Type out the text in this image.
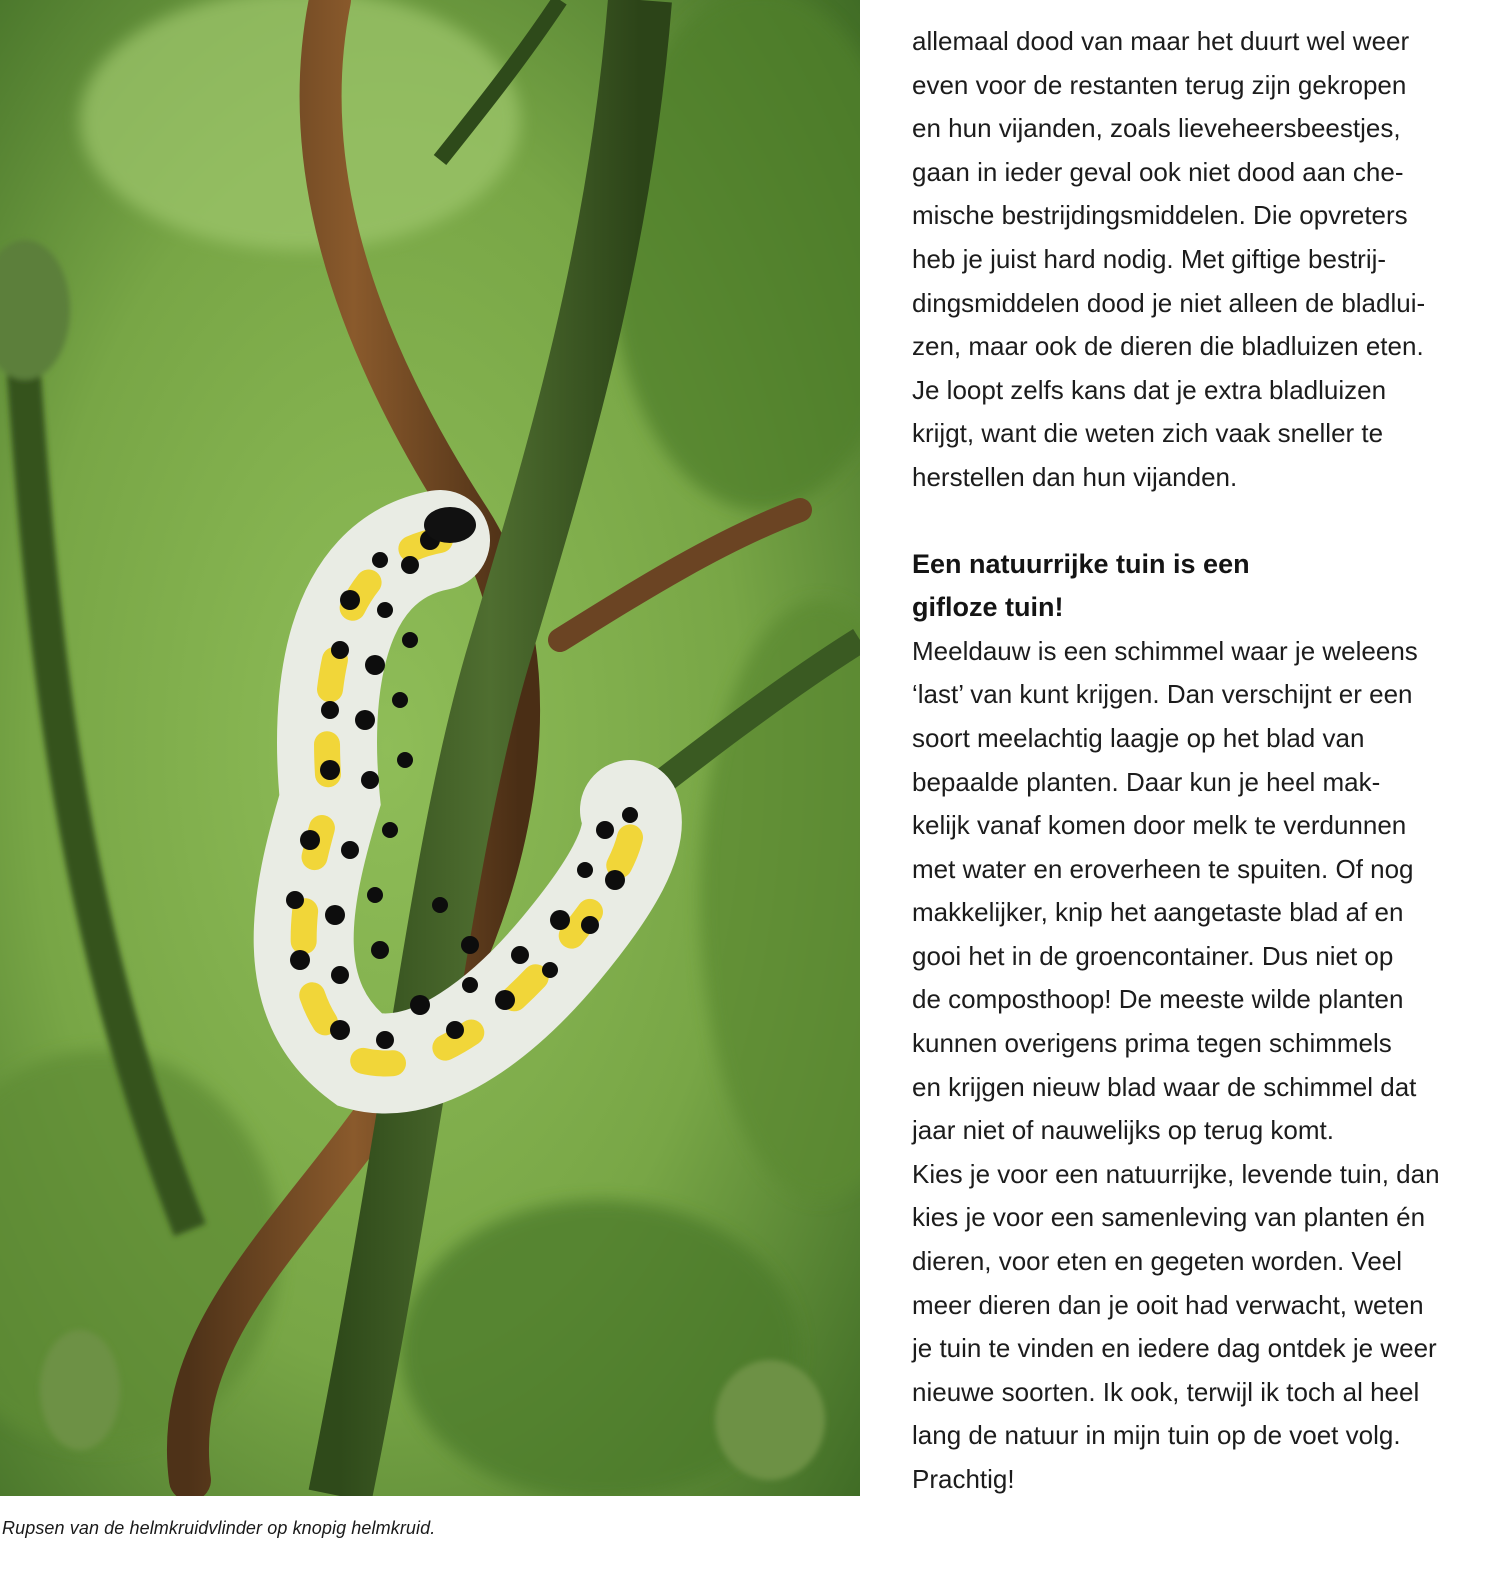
Rupsen van de helmkruidvlinder op knopig helmkruid.

allemaal dood van maar het duurt wel weer
even voor de restanten terug zijn gekropen
en hun vijanden, zoals lieveheersbeestjes,
gaan in ieder geval ook niet dood aan che-
mische bestrijdingsmiddelen. Die opvreters
heb je juist hard nodig. Met giftige bestrij-
dingsmiddelen dood je niet alleen de bladlui-
zen, maar ook de dieren die bladluizen eten.
Je loopt zelfs kans dat je extra bladluizen
krijgt, want die weten zich vaak sneller te
herstellen dan hun vijanden.

Een natuurrijke tuin is een
gifloze tuin!

Meeldauw is een schimmel waar je weleens
‘last’ van kunt krijgen. Dan verschijnt er een
soort meelachtig laagje op het blad van
bepaalde planten. Daar kun je heel mak-
kelijk vanaf komen door melk te verdunnen
met water en eroverheen te spuiten. Of nog
makkelijker, knip het aangetaste blad af en
gooi het in de groencontainer. Dus niet op
de composthoop! De meeste wilde planten
kunnen overigens prima tegen schimmels
en krijgen nieuw blad waar de schimmel dat
jaar niet of nauwelijks op terug komt.
Kies je voor een natuurrijke, levende tuin, dan
kies je voor een samenleving van planten én
dieren, voor eten en gegeten worden. Veel
meer dieren dan je ooit had verwacht, weten
je tuin te vinden en iedere dag ontdek je weer
nieuwe soorten. Ik ook, terwijl ik toch al heel
lang de natuur in mijn tuin op de voet volg.
Prachtig!
